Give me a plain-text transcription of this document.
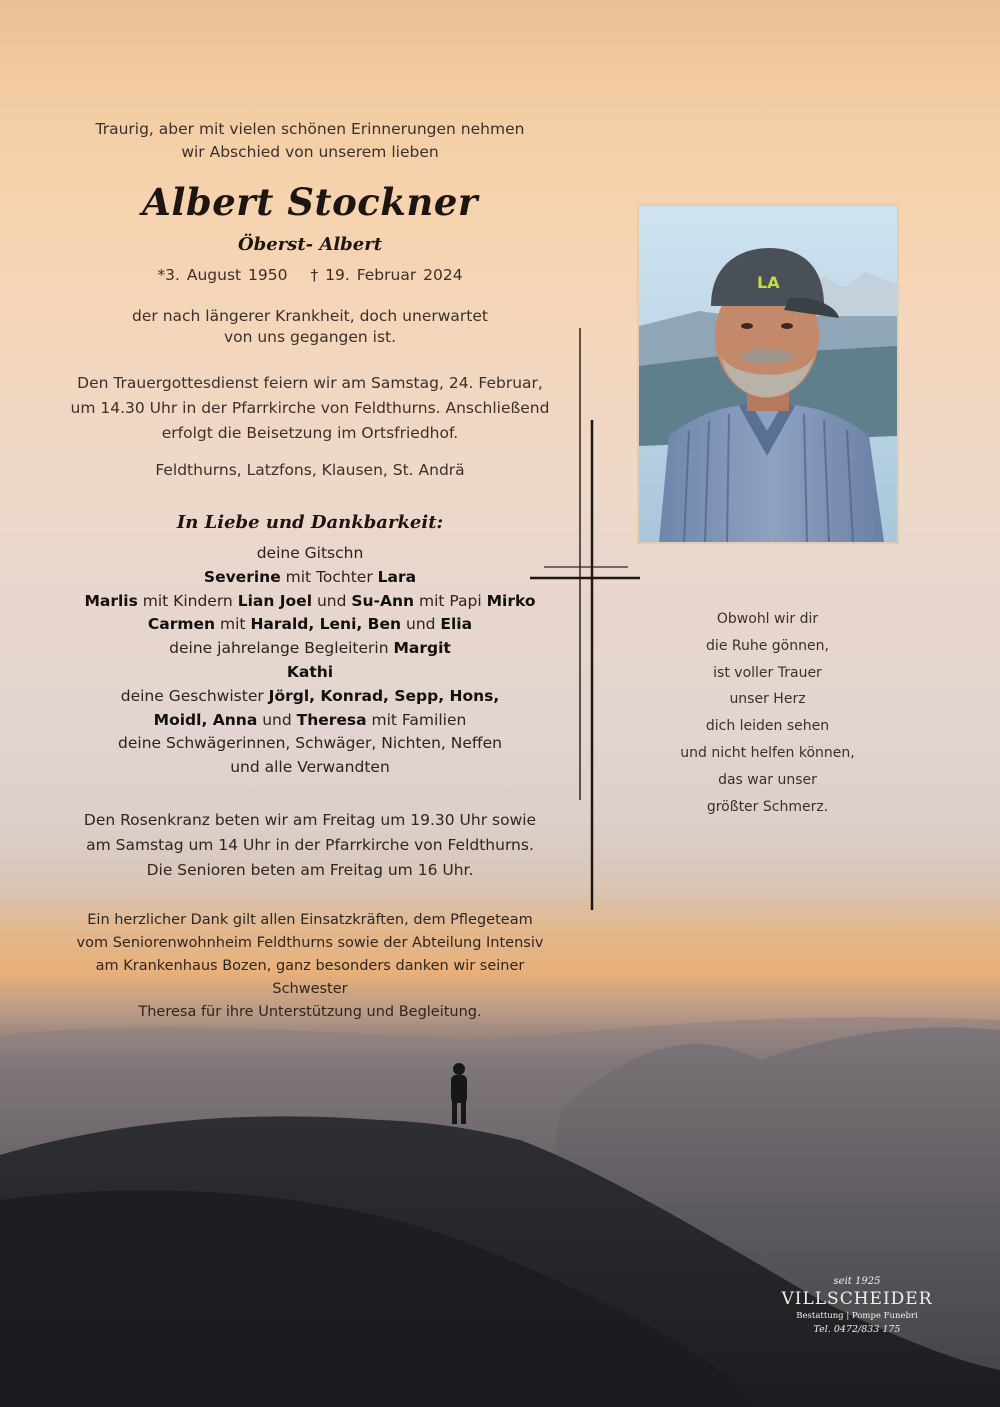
LA
Traurig, aber mit vielen schönen Erinnerungen nehmen
wir Abschied von unserem lieben
Albert Stockner
Öberst- Albert
*3. August 1950 † 19. Februar 2024
der nach längerer Krankheit, doch unerwartet
von uns gegangen ist.
Den Trauergottesdienst feiern wir am Samstag, 24. Februar,
um 14.30 Uhr in der Pfarrkirche von Feldthurns. Anschließend
erfolgt die Beisetzung im Ortsfriedhof.
Feldthurns, Latzfons, Klausen, St. Andrä
In Liebe und Dankbarkeit:
deine Gitschn
Severine mit Tochter Lara
Marlis mit Kindern Lian Joel und Su-Ann mit Papi Mirko
Carmen mit Harald, Leni, Ben und Elia
deine jahrelange Begleiterin Margit
Kathi
deine Geschwister Jörgl, Konrad, Sepp, Hons,
Moidl, Anna und Theresa mit Familien
deine Schwägerinnen, Schwäger, Nichten, Neffen
und alle Verwandten
Den Rosenkranz beten wir am Freitag um 19.30 Uhr sowie
am Samstag um 14 Uhr in der Pfarrkirche von Feldthurns.
Die Senioren beten am Freitag um 16 Uhr.
Ein herzlicher Dank gilt allen Einsatzkräften, dem Pflegeteam
vom Seniorenwohnheim Feldthurns sowie der Abteilung Intensiv
am Krankenhaus Bozen, ganz besonders danken wir seiner Schwester
Theresa für ihre Unterstützung und Begleitung.
Obwohl wir dir
die Ruhe gönnen,
ist voller Trauer
unser Herz
dich leiden sehen
und nicht helfen können,
das war unser
größter Schmerz.
seit 1925
VILLSCHEIDER
Bestattung | Pompe Funebri
Tel. 0472/833 175
